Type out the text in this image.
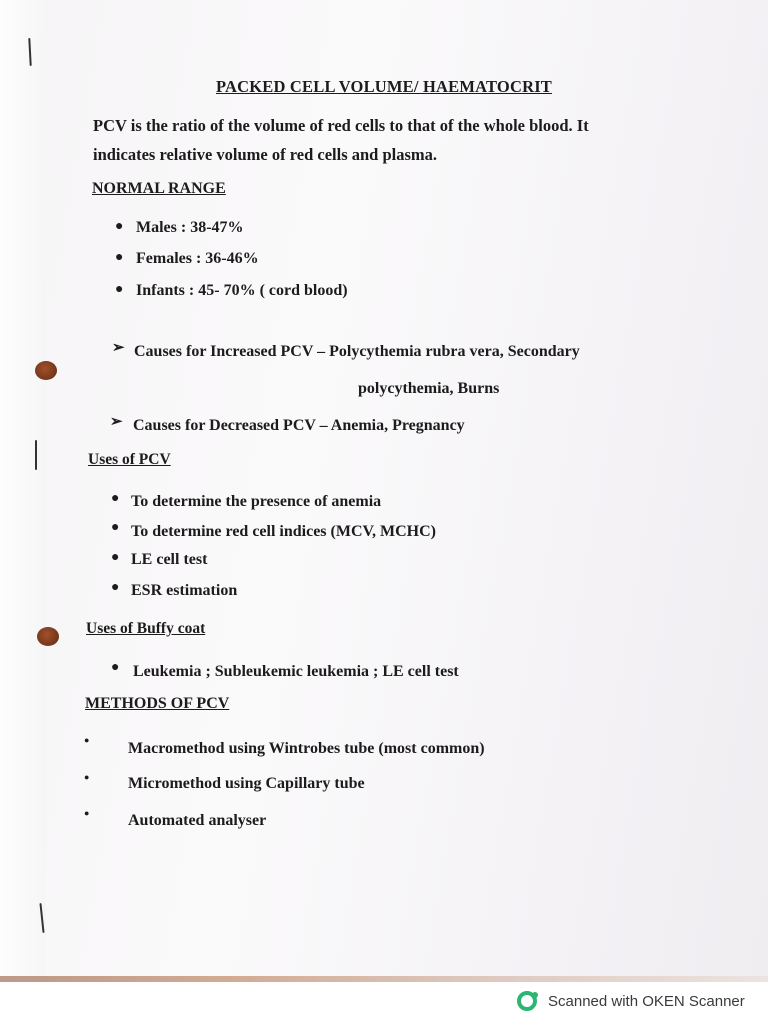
PACKED CELL VOLUME/ HAEMATOCRIT
PCV is the ratio of the volume of red cells to that of the whole blood. It
indicates relative volume of red cells and plasma.
NORMAL RANGE
● Males : 38-47%
● Females : 36-46%
● Infants : 45- 70% ( cord blood)
➢ Causes for Increased PCV – Polycythemia rubra vera, Secondary
polycythemia, Burns
➢ Causes for Decreased PCV – Anemia, Pregnancy
Uses of PCV
● To determine the presence of anemia
● To determine red cell indices (MCV, MCHC)
● LE cell test
● ESR estimation
Uses of Buffy coat
● Leukemia ; Subleukemic leukemia ; LE cell test
METHODS OF PCV
● Macromethod using Wintrobes tube (most common)
● Micromethod using Capillary tube
● Automated analyser
Scanned with OKEN Scanner
